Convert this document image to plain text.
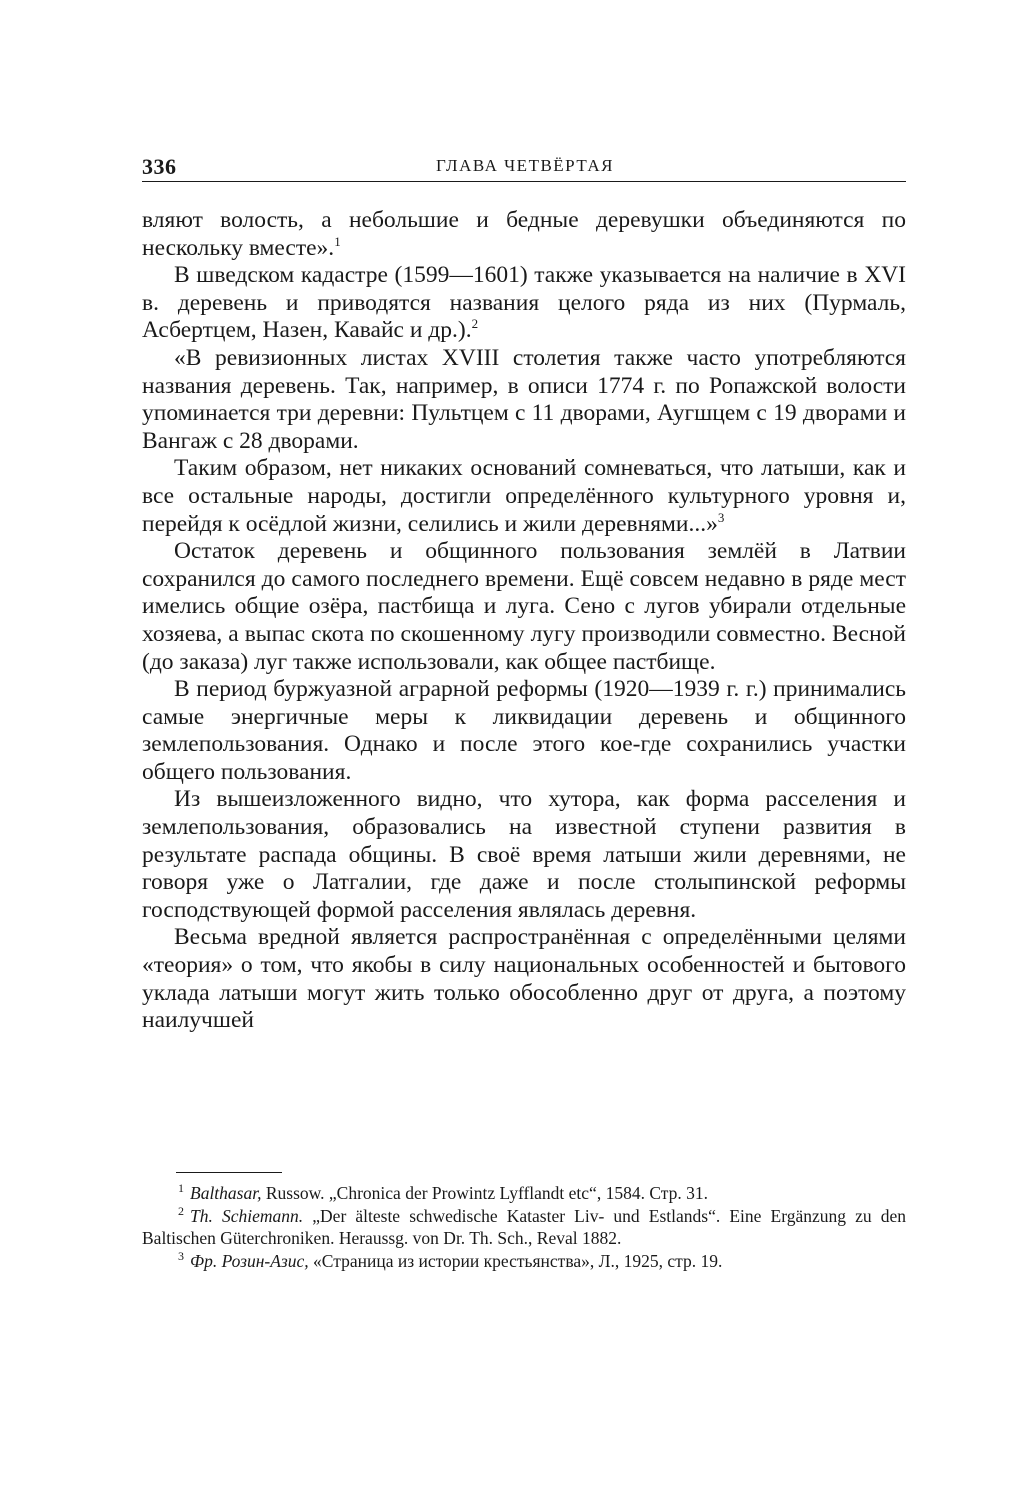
336	ГЛАВА ЧЕТВЁРТАЯ

вляют волость, а небольшие и бедные деревушки объединяются по нескольку вместе».$^1$

В шведском кадастре (1599—1601) также указывается на наличие в XVI в. деревень и приводятся названия целого ряда из них (Пурмаль, Асбертцем, Назен, Кавайс и др.).$^2$

«В ревизионных листах XVIII столетия также часто употребляются названия деревень. Так, например, в описи 1774 г. по Ропажской волости упоминается три деревни: Пультцем с 11 дворами, Аугшцем с 19 дворами и Вангаж с 28 дворами.

Таким образом, нет никаких оснований сомневаться, что латыши, как и все остальные народы, достигли определённого культурного уровня и, перейдя к осёдлой жизни, селились и жили деревнями...»$^3$

Остаток деревень и общинного пользования землёй в Латвии сохранился до самого последнего времени. Ещё совсем недавно в ряде мест имелись общие озёра, пастбища и луга. Сено с лугов убирали отдельные хозяева, а выпас скота по скошенному лугу производили совместно. Весной (до заказа) луг также использовали, как общее пастбище.

В период буржуазной аграрной реформы (1920—1939 г. г.) принимались самые энергичные меры к ликвидации деревень и общинного землепользования. Однако и после этого кое-где сохранились участки общего пользования.

Из вышеизложенного видно, что хутора, как форма расселения и землепользования, образовались на известной ступени развития в результате распада общины. В своё время латыши жили деревнями, не говоря уже о Латгалии, где даже и после столыпинской реформы господствующей формой расселения являлась деревня.

Весьма вредной является распространённая с определёнными целями «теория» о том, что якобы в силу национальных особенностей и бытового уклада латыши могут жить только обособленно друг от друга, а поэтому наилучшей

$^1$ Balthasar, Russow. „Chronica der Prowintz Lyfflandt etc“, 1584. Стр. 31.

$^2$ Th. Schiemann. „Der älteste schwedische Kataster Liv- und Estlands“. Eine Ergänzung zu den Baltischen Güterchroniken. Heraussg. von Dr. Th. Sch., Reval 1882.

$^3$ Фр. Розин-Азис, «Страница из истории крестьянства», Л., 1925, стр. 19.
